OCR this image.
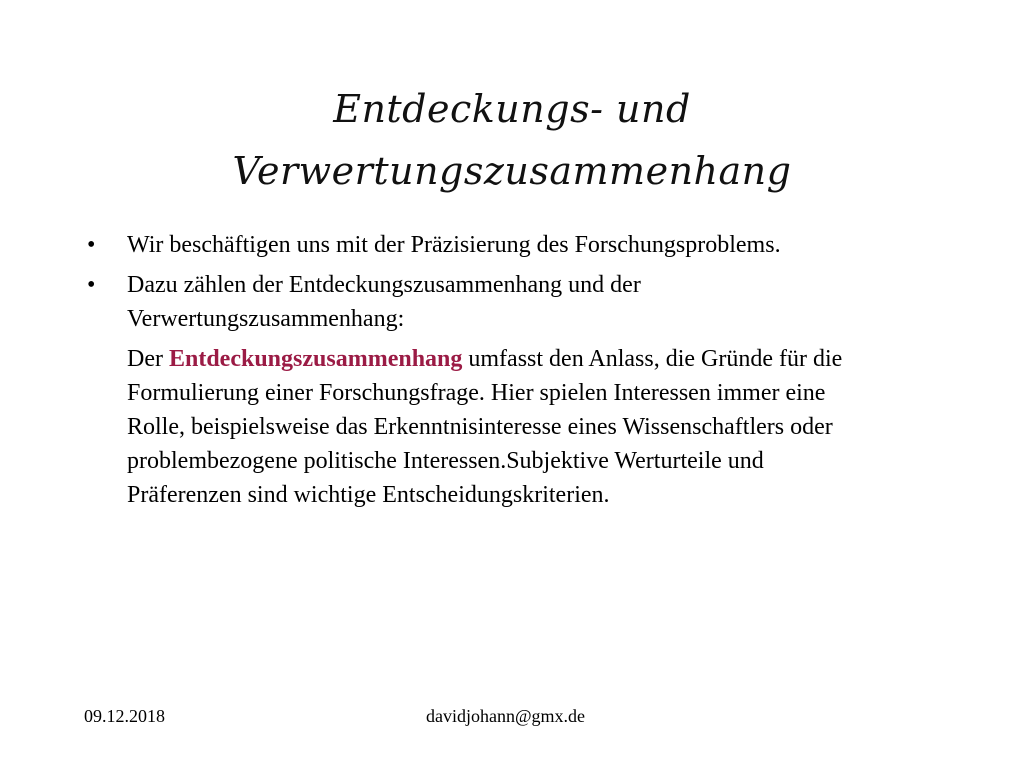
Entdeckungs- und
Verwertungszusammenhang
•	Wir beschäftigen uns mit der Präzisierung des Forschungsproblems.
•	Dazu zählen der Entdeckungszusammenhang und der Verwertungszusammenhang:
Der Entdeckungszusammenhang umfasst den Anlass, die Gründe für die Formulierung einer Forschungsfrage. Hier spielen Interessen immer eine Rolle, beispielsweise das Erkenntnisinteresse eines Wissenschaftlers oder problembezogene politische Interessen.Subjektive Werturteile und Präferenzen sind wichtige Entscheidungskriterien.
09.12.2018	davidjohann@gmx.de
